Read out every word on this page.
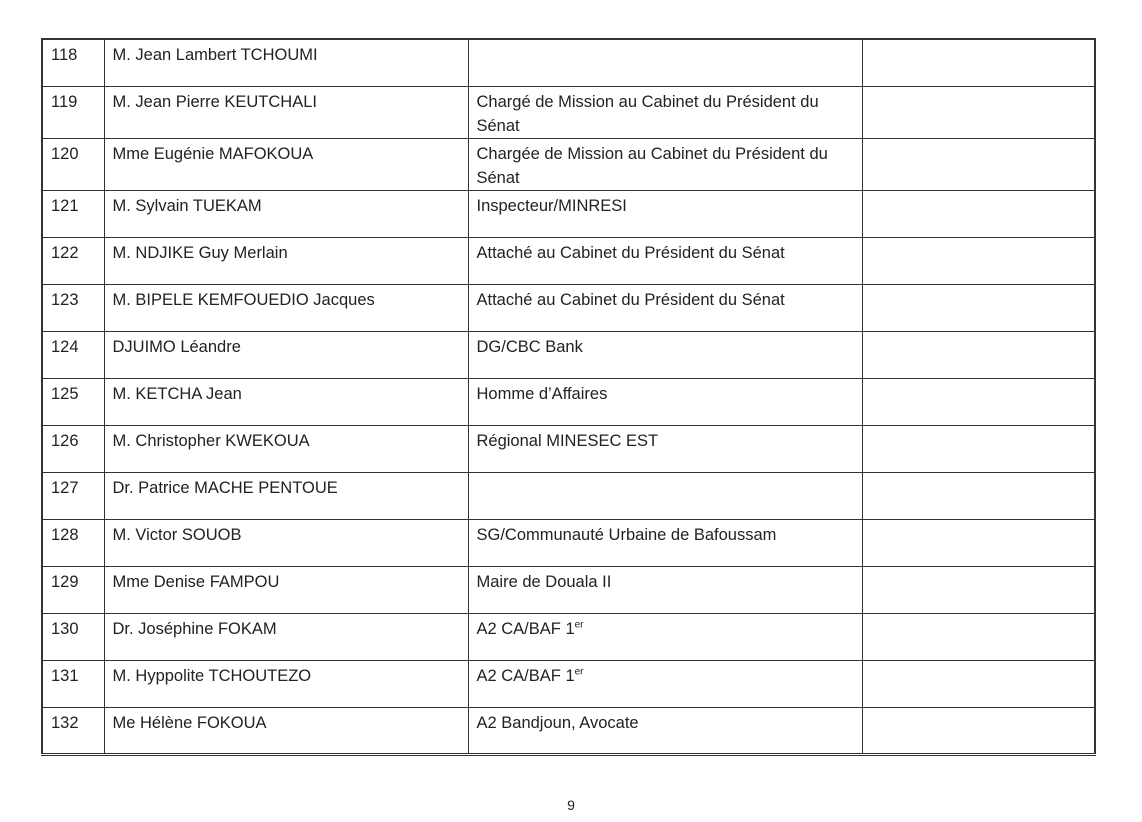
118	M. Jean Lambert TCHOUMI		
119	M. Jean Pierre KEUTCHALI	Chargé de Mission au Cabinet du Président du Sénat	
120	Mme Eugénie MAFOKOUA	Chargée de Mission au Cabinet du Président du Sénat	
121	M. Sylvain TUEKAM	Inspecteur/MINRESI	
122	M. NDJIKE Guy Merlain	Attaché au Cabinet du Président du Sénat	
123	M. BIPELE KEMFOUEDIO Jacques	Attaché au Cabinet du Président du Sénat	
124	DJUIMO Léandre	DG/CBC Bank	
125	M. KETCHA Jean	Homme d’Affaires	
126	M. Christopher KWEKOUA	Régional MINESEC EST	
127	Dr. Patrice MACHE PENTOUE		
128	M. Victor SOUOB	SG/Communauté Urbaine de Bafoussam	
129	Mme Denise FAMPOU	Maire de Douala II	
130	Dr. Joséphine FOKAM	A2 CA/BAF 1er	
131	M. Hyppolite TCHOUTEZO	A2 CA/BAF 1er	
132	Me Hélène FOKOUA	A2 Bandjoun, Avocate	
9
